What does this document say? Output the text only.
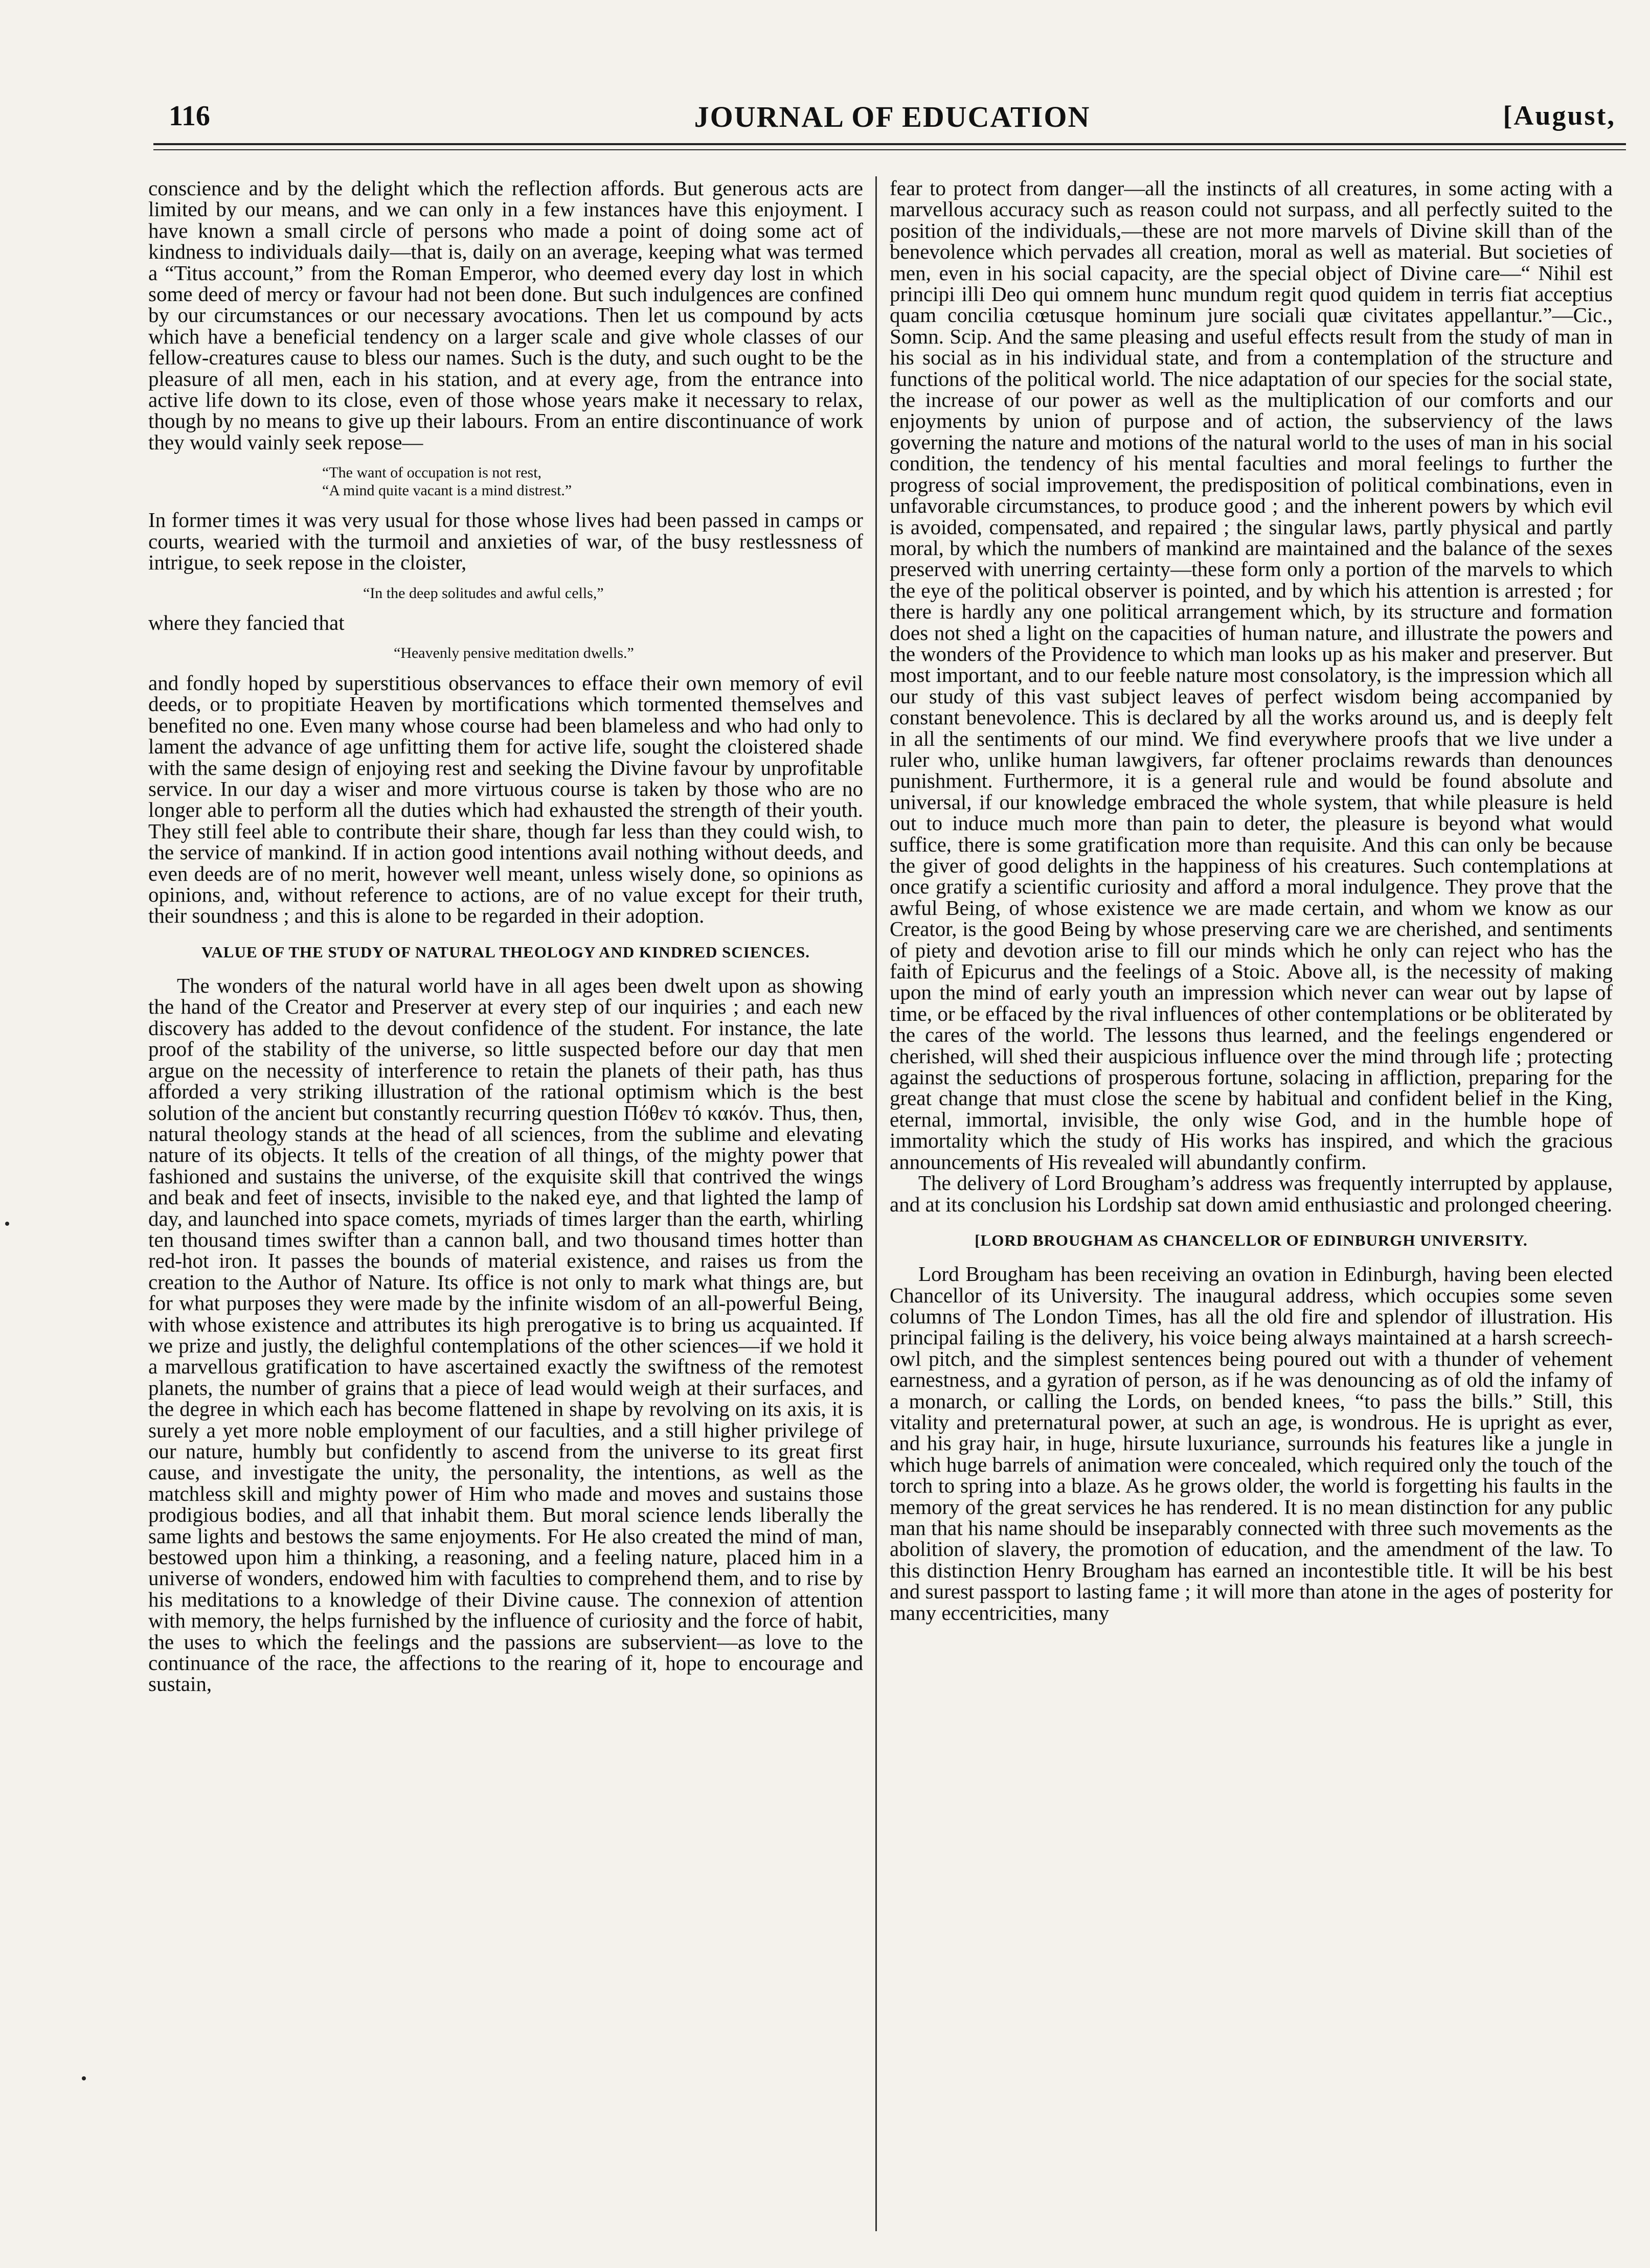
116	JOURNAL OF EDUCATION	[August,

conscience and by the delight which the reflection affords. But generous acts are limited by our means, and we can only in a few instances have this enjoyment. I have known a small circle of persons who made a point of doing some act of kindness to individuals daily—that is, daily on an average, keeping what was termed a “Titus account,” from the Roman Emperor, who deemed every day lost in which some deed of mercy or favour had not been done. But such indulgences are confined by our circumstances or our necessary avocations. Then let us compound by acts which have a beneficial tendency on a larger scale and give whole classes of our fellow-creatures cause to bless our names. Such is the duty, and such ought to be the pleasure of all men, each in his station, and at every age, from the entrance into active life down to its close, even of those whose years make it necessary to relax, though by no means to give up their labours. From an entire discontinuance of work they would vainly seek repose—

“The want of occupation is not rest,
“A mind quite vacant is a mind distrest.”

In former times it was very usual for those whose lives had been passed in camps or courts, wearied with the turmoil and anxieties of war, of the busy restlessness of intrigue, to seek repose in the cloister,

“In the deep solitudes and awful cells,”

where they fancied that

“Heavenly pensive meditation dwells.”

and fondly hoped by superstitious observances to efface their own memory of evil deeds, or to propitiate Heaven by mortifications which tormented themselves and benefited no one. Even many whose course had been blameless and who had only to lament the advance of age unfitting them for active life, sought the cloistered shade with the same design of enjoying rest and seeking the Divine favour by unprofitable service. In our day a wiser and more virtuous course is taken by those who are no longer able to perform all the duties which had exhausted the strength of their youth. They still feel able to contribute their share, though far less than they could wish, to the service of mankind. If in action good intentions avail nothing without deeds, and even deeds are of no merit, however well meant, unless wisely done, so opinions as opinions, and, without reference to actions, are of no value except for their truth, their soundness ; and this is alone to be regarded in their adoption.

VALUE OF THE STUDY OF NATURAL THEOLOGY AND KINDRED SCIENCES.

The wonders of the natural world have in all ages been dwelt upon as showing the hand of the Creator and Preserver at every step of our inquiries ; and each new discovery has added to the devout confidence of the student. For instance, the late proof of the stability of the universe, so little suspected before our day that men argue on the necessity of interference to retain the planets of their path, has thus afforded a very striking illustration of the rational optimism which is the best solution of the ancient but constantly recurring question Πόθεν τό κακόν. Thus, then, natural theology stands at the head of all sciences, from the sublime and elevating nature of its objects. It tells of the creation of all things, of the mighty power that fashioned and sustains the universe, of the exquisite skill that contrived the wings and beak and feet of insects, invisible to the naked eye, and that lighted the lamp of day, and launched into space comets, myriads of times larger than the earth, whirling ten thousand times swifter than a cannon ball, and two thousand times hotter than red-hot iron. It passes the bounds of material existence, and raises us from the creation to the Author of Nature. Its office is not only to mark what things are, but for what purposes they were made by the infinite wisdom of an all-powerful Being, with whose existence and attributes its high prerogative is to bring us acquainted. If we prize and justly, the delighful contemplations of the other sciences—if we hold it a marvellous gratification to have ascertained exactly the swiftness of the remotest planets, the number of grains that a piece of lead would weigh at their surfaces, and the degree in which each has become flattened in shape by revolving on its axis, it is surely a yet more noble employment of our faculties, and a still higher privilege of our nature, humbly but confidently to ascend from the universe to its great first cause, and investigate the unity, the personality, the intentions, as well as the matchless skill and mighty power of Him who made and moves and sustains those prodigious bodies, and all that inhabit them. But moral science lends liberally the same lights and bestows the same enjoyments. For He also created the mind of man, bestowed upon him a thinking, a reasoning, and a feeling nature, placed him in a universe of wonders, endowed him with faculties to comprehend them, and to rise by his meditations to a knowledge of their Divine cause. The connexion of attention with memory, the helps furnished by the influence of curiosity and the force of habit, the uses to which the feelings and the passions are subservient—as love to the continuance of the race, the affections to the rearing of it, hope to encourage and sustain,

fear to protect from danger—all the instincts of all creatures, in some acting with a marvellous accuracy such as reason could not surpass, and all perfectly suited to the position of the individuals,—these are not more marvels of Divine skill than of the benevolence which pervades all creation, moral as well as material. But societies of men, even in his social capacity, are the special object of Divine care—“ Nihil est principi illi Deo qui omnem hunc mundum regit quod quidem in terris fiat acceptius quam concilia cœtusque hominum jure sociali quæ civitates appellantur.”—Cic., Somn. Scip. And the same pleasing and useful effects result from the study of man in his social as in his individual state, and from a contemplation of the structure and functions of the political world. The nice adaptation of our species for the social state, the increase of our power as well as the multiplication of our comforts and our enjoyments by union of purpose and of action, the subserviency of the laws governing the nature and motions of the natural world to the uses of man in his social condition, the tendency of his mental faculties and moral feelings to further the progress of social improvement, the predisposition of political combinations, even in unfavorable circumstances, to produce good ; and the inherent powers by which evil is avoided, compensated, and repaired ; the singular laws, partly physical and partly moral, by which the numbers of mankind are maintained and the balance of the sexes preserved with unerring certainty—these form only a portion of the marvels to which the eye of the political observer is pointed, and by which his attention is arrested ; for there is hardly any one political arrangement which, by its structure and formation does not shed a light on the capacities of human nature, and illustrate the powers and the wonders of the Providence to which man looks up as his maker and preserver. But most important, and to our feeble nature most consolatory, is the impression which all our study of this vast subject leaves of perfect wisdom being accompanied by constant benevolence. This is declared by all the works around us, and is deeply felt in all the sentiments of our mind. We find everywhere proofs that we live under a ruler who, unlike human lawgivers, far oftener proclaims rewards than denounces punishment. Furthermore, it is a general rule and would be found absolute and universal, if our knowledge embraced the whole system, that while pleasure is held out to induce much more than pain to deter, the pleasure is beyond what would suffice, there is some gratification more than requisite. And this can only be because the giver of good delights in the happiness of his creatures. Such contemplations at once gratify a scientific curiosity and afford a moral indulgence. They prove that the awful Being, of whose existence we are made certain, and whom we know as our Creator, is the good Being by whose preserving care we are cherished, and sentiments of piety and devotion arise to fill our minds which he only can reject who has the faith of Epicurus and the feelings of a Stoic. Above all, is the necessity of making upon the mind of early youth an impression which never can wear out by lapse of time, or be effaced by the rival influences of other contemplations or be obliterated by the cares of the world. The lessons thus learned, and the feelings engendered or cherished, will shed their auspicious influence over the mind through life ; protecting against the seductions of prosperous fortune, solacing in affliction, preparing for the great change that must close the scene by habitual and confident belief in the King, eternal, immortal, invisible, the only wise God, and in the humble hope of immortality which the study of His works has inspired, and which the gracious announcements of His revealed will abundantly confirm.

The delivery of Lord Brougham’s address was frequently interrupted by applause, and at its conclusion his Lordship sat down amid enthusiastic and prolonged cheering.

[LORD BROUGHAM AS CHANCELLOR OF EDINBURGH UNIVERSITY.

Lord Brougham has been receiving an ovation in Edinburgh, having been elected Chancellor of its University. The inaugural address, which occupies some seven columns of The London Times, has all the old fire and splendor of illustration. His principal failing is the delivery, his voice being always maintained at a harsh screech-owl pitch, and the simplest sentences being poured out with a thunder of vehement earnestness, and a gyration of person, as if he was denouncing as of old the infamy of a monarch, or calling the Lords, on bended knees, “to pass the bills.” Still, this vitality and preternatural power, at such an age, is wondrous. He is upright as ever, and his gray hair, in huge, hirsute luxuriance, surrounds his features like a jungle in which huge barrels of animation were concealed, which required only the touch of the torch to spring into a blaze. As he grows older, the world is forgetting his faults in the memory of the great services he has rendered. It is no mean distinction for any public man that his name should be inseparably connected with three such movements as the abolition of slavery, the promotion of education, and the amendment of the law. To this distinction Henry Brougham has earned an incontestible title. It will be his best and surest passport to lasting fame ; it will more than atone in the ages of posterity for many eccentricities, many
